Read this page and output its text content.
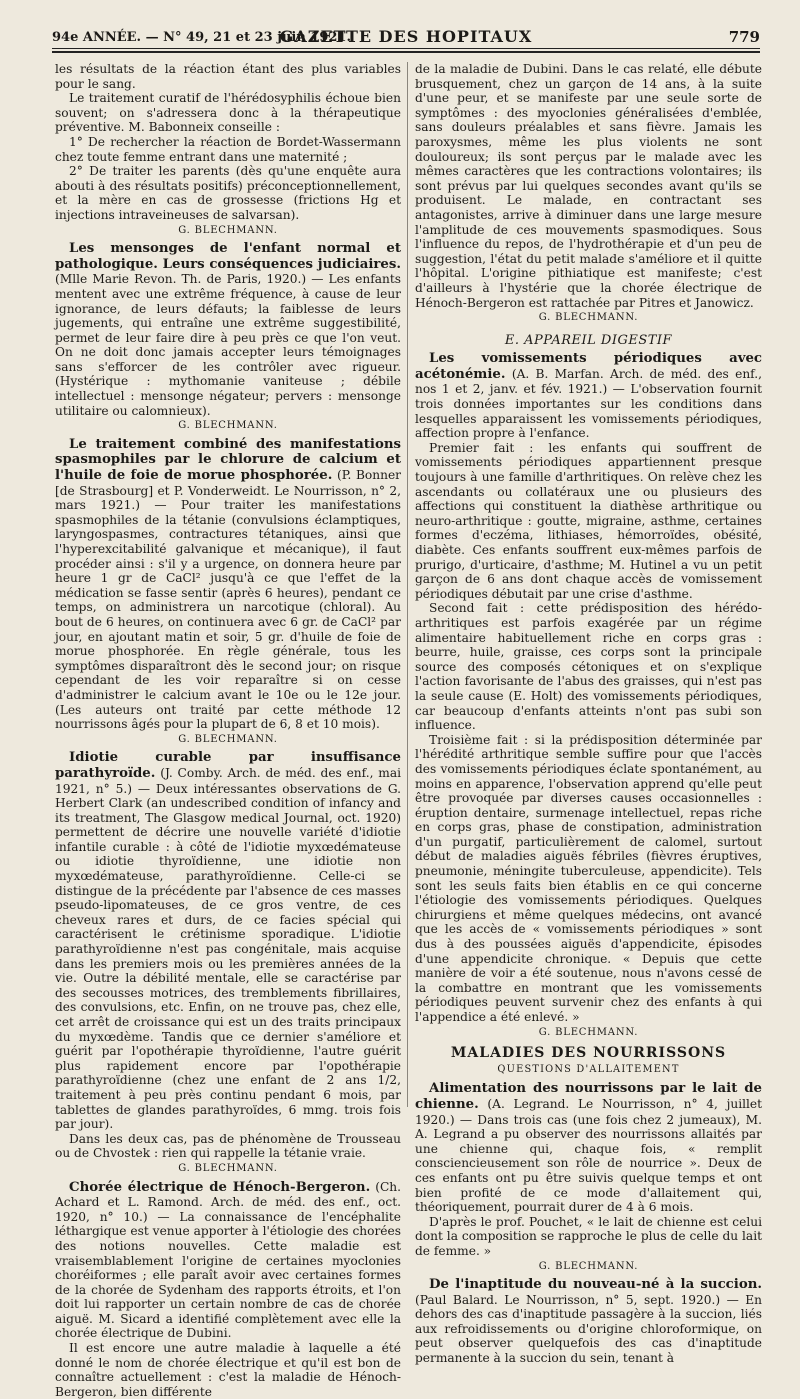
94e ANNÉE. — N° 49, 21 et 23 juin 1921.
GAZETTE DES HOPITAUX	779

les résultats de la réaction étant des plus variables pour le sang.

Le traitement curatif de l'hérédosyphilis échoue bien souvent; on s'adressera donc à la thérapeutique préventive. M. Babonneix conseille :

1° De rechercher la réaction de Bordet-Wassermann chez toute femme entrant dans une maternité ;

2° De traiter les parents (dès qu'une enquête aura abouti à des résultats positifs) préconceptionnellement, et la mère en cas de grossesse (frictions Hg et injections intraveineuses de salvarsan).

G. BLECHMANN.

Les mensonges de l'enfant normal et pathologique. Leurs conséquences judiciaires. (Mlle Marie Revon. Th. de Paris, 1920.) — Les enfants mentent avec une extrême fréquence, à cause de leur ignorance, de leurs défauts; la faiblesse de leurs jugements, qui entraîne une extrême suggestibilité, permet de leur faire dire à peu près ce que l'on veut. On ne doit donc jamais accepter leurs témoignages sans s'efforcer de les contrôler avec rigueur. (Hystérique : mythomanie vaniteuse ; débile intellectuel : mensonge négateur; pervers : mensonge utilitaire ou calomnieux).

G. BLECHMANN.

Le traitement combiné des manifestations spasmophiles par le chlorure de calcium et l'huile de foie de morue phosphorée. (P. Bonner [de Strasbourg] et P. Vonderweidt. Le Nourrisson, n° 2, mars 1921.) — Pour traiter les manifestations spasmophiles de la tétanie (convulsions éclamptiques, laryngospasmes, contractures tétaniques, ainsi que l'hyperexcitabilité galvanique et mécanique), il faut procéder ainsi : s'il y a urgence, on donnera heure par heure 1 gr de CaCl² jusqu'à ce que l'effet de la médication se fasse sentir (après 6 heures), pendant ce temps, on administrera un narcotique (chloral). Au bout de 6 heures, on continuera avec 6 gr. de CaCl² par jour, en ajoutant matin et soir, 5 gr. d'huile de foie de morue phosphorée. En règle générale, tous les symptômes disparaîtront dès le second jour; on risque cependant de les voir reparaître si on cesse d'administrer le calcium avant le 10e ou le 12e jour. (Les auteurs ont traité par cette méthode 12 nourrissons âgés pour la plupart de 6, 8 et 10 mois).

G. BLECHMANN.

Idiotie curable par insuffisance parathyroïde. (J. Comby. Arch. de méd. des enf., mai 1921, n° 5.) — Deux intéressantes observations de G. Herbert Clark (an undescribed condition of infancy and its treatment, The Glasgow medical Journal, oct. 1920) permettent de décrire une nouvelle variété d'idiotie infantile curable : à côté de l'idiotie myxœdémateuse ou idiotie thyroïdienne, une idiotie non myxœdémateuse, parathyroïdienne. Celle-ci se distingue de la précédente par l'absence de ces masses pseudo-lipomateuses, de ce gros ventre, de ces cheveux rares et durs, de ce facies spécial qui caractérisent le crétinisme sporadique. L'idiotie parathyroïdienne n'est pas congénitale, mais acquise dans les premiers mois ou les premières années de la vie. Outre la débilité mentale, elle se caractérise par des secousses motrices, des tremblements fibrillaires, des convulsions, etc. Enfin, on ne trouve pas, chez elle, cet arrêt de croissance qui est un des traits principaux du myxœdème. Tandis que ce dernier s'améliore et guérit par l'opothérapie thyroïdienne, l'autre guérit plus rapidement encore par l'opothérapie parathyroïdienne (chez une enfant de 2 ans 1/2, traitement à peu près continu pendant 6 mois, par tablettes de glandes parathyroïdes, 6 mmg. trois fois par jour).

Dans les deux cas, pas de phénomène de Trousseau ou de Chvostek : rien qui rappelle la tétanie vraie.

G. BLECHMANN.

Chorée électrique de Hénoch-Bergeron. (Ch. Achard et L. Ramond. Arch. de méd. des enf., oct. 1920, n° 10.) — La connaissance de l'encéphalite léthargique est venue apporter à l'étiologie des chorées des notions nouvelles. Cette maladie est vraisemblablement l'origine de certaines myoclonies choréiformes ; elle paraît avoir avec certaines formes de la chorée de Sydenham des rapports étroits, et l'on doit lui rapporter un certain nombre de cas de chorée aiguë. M. Sicard a identifié complètement avec elle la chorée électrique de Dubini.

Il est encore une autre maladie à laquelle a été donné le nom de chorée électrique et qu'il est bon de connaître actuellement : c'est la maladie de Hénoch-Bergeron, bien différente

de la maladie de Dubini. Dans le cas relaté, elle débute brusquement, chez un garçon de 14 ans, à la suite d'une peur, et se manifeste par une seule sorte de symptômes : des myoclonies généralisées d'emblée, sans douleurs préalables et sans fièvre. Jamais les paroxysmes, même les plus violents ne sont douloureux; ils sont perçus par le malade avec les mêmes caractères que les contractions volontaires; ils sont prévus par lui quelques secondes avant qu'ils se produisent. Le malade, en contractant ses antagonistes, arrive à diminuer dans une large mesure l'amplitude de ces mouvements spasmodiques. Sous l'influence du repos, de l'hydrothérapie et d'un peu de suggestion, l'état du petit malade s'améliore et il quitte l'hôpital. L'origine pithiatique est manifeste; c'est d'ailleurs à l'hystérie que la chorée électrique de Hénoch-Bergeron est rattachée par Pitres et Janowicz.

G. BLECHMANN.
E. APPAREIL DIGESTIF

Les vomissements périodiques avec acétonémie. (A. B. Marfan. Arch. de méd. des enf., nos 1 et 2, janv. et fév. 1921.) — L'observation fournit trois données importantes sur les conditions dans lesquelles apparaissent les vomissements périodiques, affection propre à l'enfance.

Premier fait : les enfants qui souffrent de vomissements périodiques appartiennent presque toujours à une famille d'arthritiques. On relève chez les ascendants ou collatéraux une ou plusieurs des affections qui constituent la diathèse arthritique ou neuro-arthritique : goutte, migraine, asthme, certaines formes d'eczéma, lithiases, hémorroïdes, obésité, diabète. Ces enfants souffrent eux-mêmes parfois de prurigo, d'urticaire, d'asthme; M. Hutinel a vu un petit garçon de 6 ans dont chaque accès de vomissement périodiques débutait par une crise d'asthme.

Second fait : cette prédisposition des hérédo-arthritiques est parfois exagérée par un régime alimentaire habituellement riche en corps gras : beurre, huile, graisse, ces corps sont la principale source des composés cétoniques et on s'explique l'action favorisante de l'abus des graisses, qui n'est pas la seule cause (E. Holt) des vomissements périodiques, car beaucoup d'enfants atteints n'ont pas subi son influence.

Troisième fait : si la prédisposition déterminée par l'hérédité arthritique semble suffire pour que l'accès des vomissements périodiques éclate spontanément, au moins en apparence, l'observation apprend qu'elle peut être provoquée par diverses causes occasionnelles : éruption dentaire, surmenage intellectuel, repas riche en corps gras, phase de constipation, administration d'un purgatif, particulièrement de calomel, surtout début de maladies aiguës fébriles (fièvres éruptives, pneumonie, méningite tuberculeuse, appendicite). Tels sont les seuls faits bien établis en ce qui concerne l'étiologie des vomissements périodiques. Quelques chirurgiens et même quelques médecins, ont avancé que les accès de « vomissements périodiques » sont dus à des poussées aiguës d'appendicite, épisodes d'une appendicite chronique. « Depuis que cette manière de voir a été soutenue, nous n'avons cessé de la combattre en montrant que les vomissements périodiques peuvent survenir chez des enfants à qui l'appendice a été enlevé. »

G. BLECHMANN.
MALADIES DES NOURRISSONS
QUESTIONS D'ALLAITEMENT

Alimentation des nourrissons par le lait de chienne. (A. Legrand. Le Nourrisson, n° 4, juillet 1920.) — Dans trois cas (une fois chez 2 jumeaux), M. A. Legrand a pu observer des nourrissons allaités par une chienne qui, chaque fois, « remplit consciencieusement son rôle de nourrice ». Deux de ces enfants ont pu être suivis quelque temps et ont bien profité de ce mode d'allaitement qui, théoriquement, pourrait durer de 4 à 6 mois.

D'après le prof. Pouchet, « le lait de chienne est celui dont la composition se rapproche le plus de celle du lait de femme. »

G. BLECHMANN.

De l'inaptitude du nouveau-né à la succion. (Paul Balard. Le Nourrisson, n° 5, sept. 1920.) — En dehors des cas d'inaptitude passagère à la succion, liés aux refroidissements ou d'origine chloroformique, on peut observer quelquefois des cas d'inaptitude permanente à la succion du sein, tenant à
